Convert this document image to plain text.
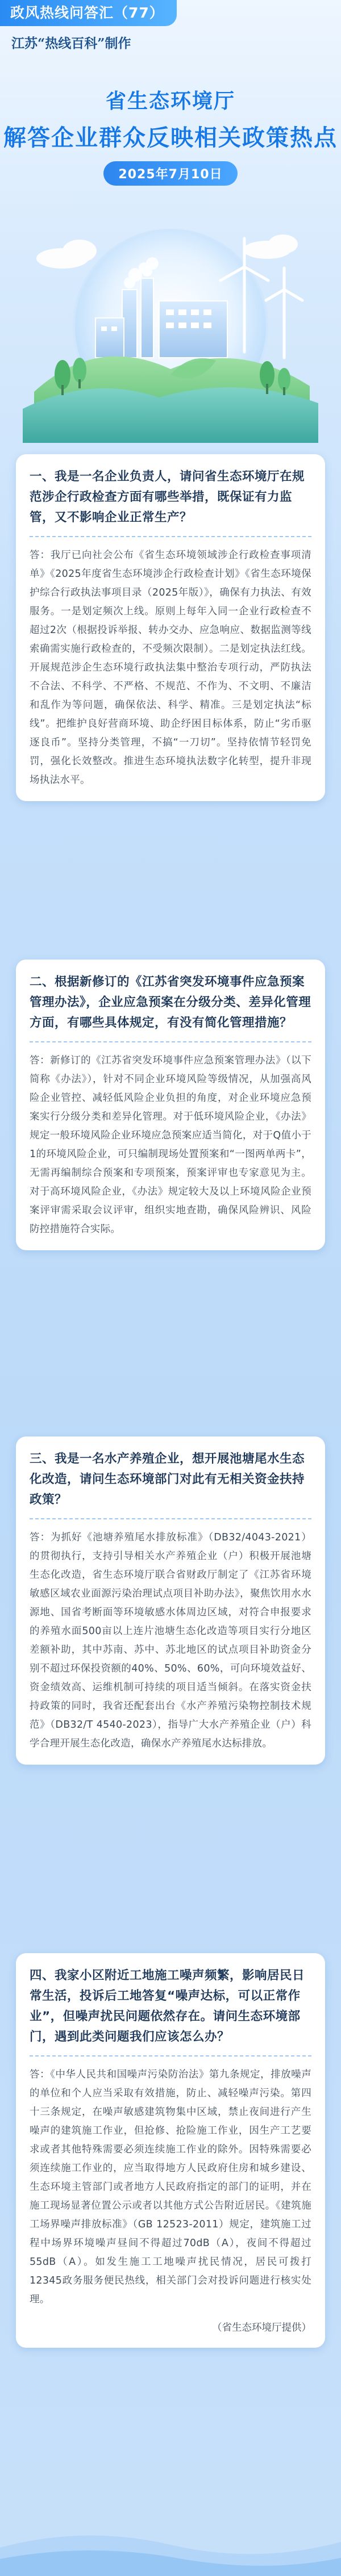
政风热线问答汇（77）
江苏“热线百科”制作
省生态环境厅
解答企业群众反映相关政策热点
2025年7月10日
一、我是一名企业负责人，请问省生态环境厅在规范涉企行政检查方面有哪些举措，既保证有力监管，又不影响企业正常生产？
答：我厅已向社会公布《省生态环境领域涉企行政检查事项清单》《2025年度省生态环境涉企行政检查计划》《省生态环境保护综合行政执法事项目录（2025年版）》，确保有力执法、有效服务。一是划定频次上线。原则上每年入同一企业行政检查不超过2次（根据投诉举报、转办交办、应急响应、数据监测等线索确需实施行政检查的，不受频次限制）。二是划定执法红线。开展规范涉企生态环境行政执法集中整治专项行动，严防执法不合法、不科学、不严格、不规范、不作为、不文明、不廉洁和乱作为等问题，确保依法、科学、精准。三是划定执法“标线”。把维护良好营商环境、助企纾困目标体系，防止“劣币驱逐良币”。坚持分类管理，不搞“一刀切”。坚持依情节轻罚免罚，强化长效整改。推进生态环境执法数字化转型，提升非现场执法水平。
二、根据新修订的《江苏省突发环境事件应急预案管理办法》，企业应急预案在分级分类、差异化管理方面，有哪些具体规定，有没有简化管理措施？
答：新修订的《江苏省突发环境事件应急预案管理办法》（以下简称《办法》），针对不同企业环境风险等级情况，从加强高风险企业管控、减轻低风险企业负担的角度，对企业环境应急预案实行分级分类和差异化管理。对于低环境风险企业，《办法》规定一般环境风险企业环境应急预案应适当简化，对于Q值小于1的环境风险企业，可只编制现场处置预案和“一图两单两卡”，无需再编制综合预案和专项预案，预案评审也专家意见为主。对于高环境风险企业，《办法》规定较大及以上环境风险企业预案评审需采取会议评审，组织实地查勘，确保风险辨识、风险防控措施符合实际。
三、我是一名水产养殖企业，想开展池塘尾水生态化改造，请问生态环境部门对此有无相关资金扶持政策？
答：为抓好《池塘养殖尾水排放标准》（DB32/4043-2021）的贯彻执行，支持引导相关水产养殖企业（户）积极开展池塘生态化改造，省生态环境厅联合省财政厅制定了《江苏省环境敏感区域农业面源污染治理试点项目补助办法》，聚焦饮用水水源地、国省考断面等环境敏感水体周边区域，对符合申报要求的养殖水面500亩以上连片池塘生态化改造等项目实行分地区差额补助，其中苏南、苏中、苏北地区的试点项目补助资金分别不超过环保投资额的40%、50%、60%，可向环境效益好、资金绩效高、运维机制可持续的项目适当倾斜。在落实资金扶持政策的同时，我省还配套出台《水产养殖污染物控制技术规范》（DB32/T 4540-2023），指导广大水产养殖企业（户）科学合理开展生态化改造，确保水产养殖尾水达标排放。
四、我家小区附近工地施工噪声频繁，影响居民日常生活，投诉后工地答复“噪声达标，可以正常作业”，但噪声扰民问题依然存在。请问生态环境部门，遇到此类问题我们应该怎么办？
答：《中华人民共和国噪声污染防治法》第九条规定，排放噪声的单位和个人应当采取有效措施，防止、减轻噪声污染。第四十三条规定，在噪声敏感建筑物集中区域，禁止夜间进行产生噪声的建筑施工作业，但抢修、抢险施工作业，因生产工艺要求或者其他特殊需要必须连续施工作业的除外。因特殊需要必须连续施工作业的，应当取得地方人民政府住房和城乡建设、生态环境主管部门或者地方人民政府指定的部门的证明，并在施工现场显著位置公示或者以其他方式公告附近居民。《建筑施工场界噪声排放标准》（GB 12523-2011）规定，建筑施工过程中场界环境噪声昼间不得超过70dB（A），夜间不得超过55dB（A）。如发生施工工地噪声扰民情况，居民可拨打12345政务服务便民热线，相关部门会对投诉问题进行核实处理。
（省生态环境厅提供）
